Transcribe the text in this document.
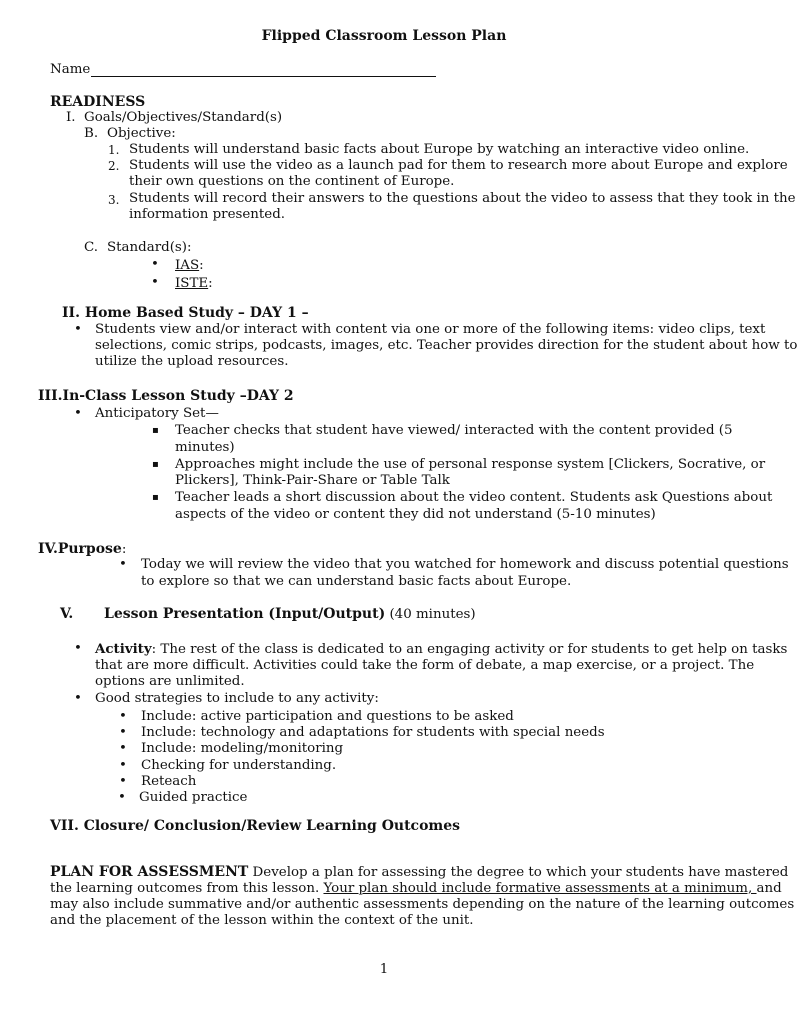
Flipped Classroom Lesson Plan
Name
READINESS
I. Goals/Objectives/Standard(s)
B. Objective:
1. Students will understand basic facts about Europe by watching an interactive video online.
2. Students will use the video as a launch pad for them to research more about Europe and explore
their own questions on the continent of Europe.
3. Students will record their answers to the questions about the video to assess that they took in the
information presented.
C. Standard(s):
• IAS:
• ISTE:
II. Home Based Study – DAY 1 –
• Students view and/or interact with content via one or more of the following items: video clips, text
selections, comic strips, podcasts, images, etc. Teacher provides direction for the student about how to
utilize the upload resources.
III.In-Class Lesson Study –DAY 2
• Anticipatory Set—
▪ Teacher checks that student have viewed/ interacted with the content provided (5
minutes)
▪ Approaches might include the use of personal response system [Clickers, Socrative, or
Plickers], Think-Pair-Share or Table Talk
▪ Teacher leads a short discussion about the video content. Students ask Questions about
aspects of the video or content they did not understand (5-10 minutes)
IV.Purpose:
• Today we will review the video that you watched for homework and discuss potential questions
to explore so that we can understand basic facts about Europe.
V. Lesson Presentation (Input/Output) (40 minutes)
• Activity: The rest of the class is dedicated to an engaging activity or for students to get help on tasks
that are more difficult. Activities could take the form of debate, a map exercise, or a project. The
options are unlimited.
• Good strategies to include to any activity:
• Include: active participation and questions to be asked
• Include: technology and adaptations for students with special needs
• Include: modeling/monitoring
• Checking for understanding.
• Reteach
• Guided practice
VII. Closure/ Conclusion/Review Learning Outcomes
PLAN FOR ASSESSMENT Develop a plan for assessing the degree to which your students have mastered
the learning outcomes from this lesson. Your plan should include formative assessments at a minimum, and
may also include summative and/or authentic assessments depending on the nature of the learning outcomes
and the placement of the lesson within the context of the unit.
1
